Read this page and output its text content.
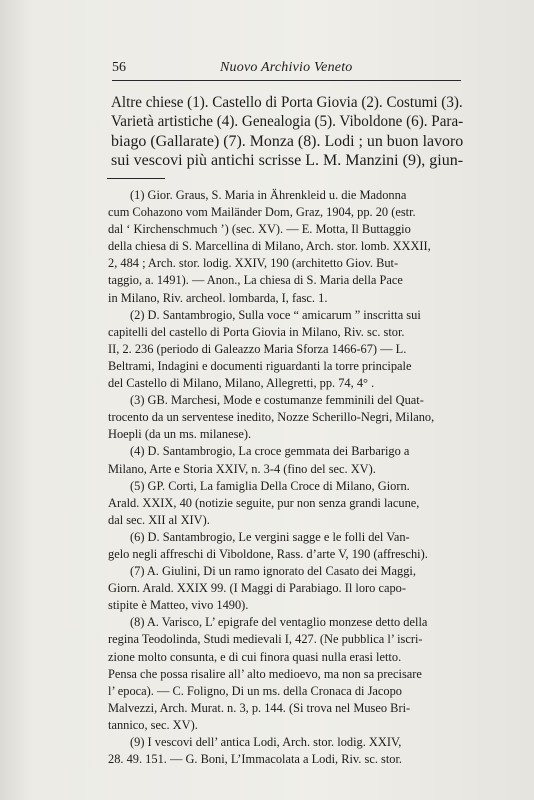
56	Nuovo Archivio Veneto
Altre chiese (1). Castello di Porta Giovia (2). Costumi (3).
Varietà artistiche (4). Genealogia (5). Viboldone (6). Para-
biago (Gallarate) (7). Monza (8). Lodi ; un buon lavoro
sui vescovi più antichi scrisse L. M. Manzini (9), giun-
(1) Gior. Graus, S. Maria in Ährenkleid u. die Madonna
cum Cohazono vom Mailänder Dom, Graz, 1904, pp. 20 (estr.
dal ‘ Kirchenschmuch ’) (sec. XV). — E. Motta, Il Buttaggio
della chiesa di S. Marcellina di Milano, Arch. stor. lomb. XXXII,
2, 484 ; Arch. stor. lodig. XXIV, 190 (architetto Giov. But-
taggio, a. 1491). — Anon., La chiesa di S. Maria della Pace
in Milano, Riv. archeol. lombarda, I, fasc. 1.
(2) D. Santambrogio, Sulla voce “ amicarum ” inscritta sui
capitelli del castello di Porta Giovia in Milano, Riv. sc. stor.
II, 2. 236 (periodo di Galeazzo Maria Sforza 1466-67) — L.
Beltrami, Indagini e documenti riguardanti la torre principale
del Castello di Milano, Milano, Allegretti, pp. 74, 4° .
(3) GB. Marchesi, Mode e costumanze femminili del Quat-
trocento da un serventese inedito, Nozze Scherillo-Negri, Milano,
Hoepli (da un ms. milanese).
(4) D. Santambrogio, La croce gemmata dei Barbarigo a
Milano, Arte e Storia XXIV, n. 3-4 (fino del sec. XV).
(5) GP. Corti, La famiglia Della Croce di Milano, Giorn.
Arald. XXIX, 40 (notizie seguite, pur non senza grandi lacune,
dal sec. XII al XIV).
(6) D. Santambrogio, Le vergini sagge e le folli del Van-
gelo negli affreschi di Viboldone, Rass. d’arte V, 190 (affreschi).
(7) A. Giulini, Di un ramo ignorato del Casato dei Maggi,
Giorn. Arald. XXIX 99. (I Maggi di Parabiago. Il loro capo-
stipite è Matteo, vivo 1490).
(8) A. Varisco, L’ epigrafe del ventaglio monzese detto della
regina Teodolinda, Studi medievali I, 427. (Ne pubblica l’ iscri-
zione molto consunta, e di cui finora quasi nulla erasi letto.
Pensa che possa risalire all’ alto medioevo, ma non sa precisare
l’ epoca). — C. Foligno, Di un ms. della Cronaca di Jacopo
Malvezzi, Arch. Murat. n. 3, p. 144. (Si trova nel Museo Bri-
tannico, sec. XV).
(9) I vescovi dell’ antica Lodi, Arch. stor. lodig. XXIV,
28. 49. 151. — G. Boni, L’Immacolata a Lodi, Riv. sc. stor.
